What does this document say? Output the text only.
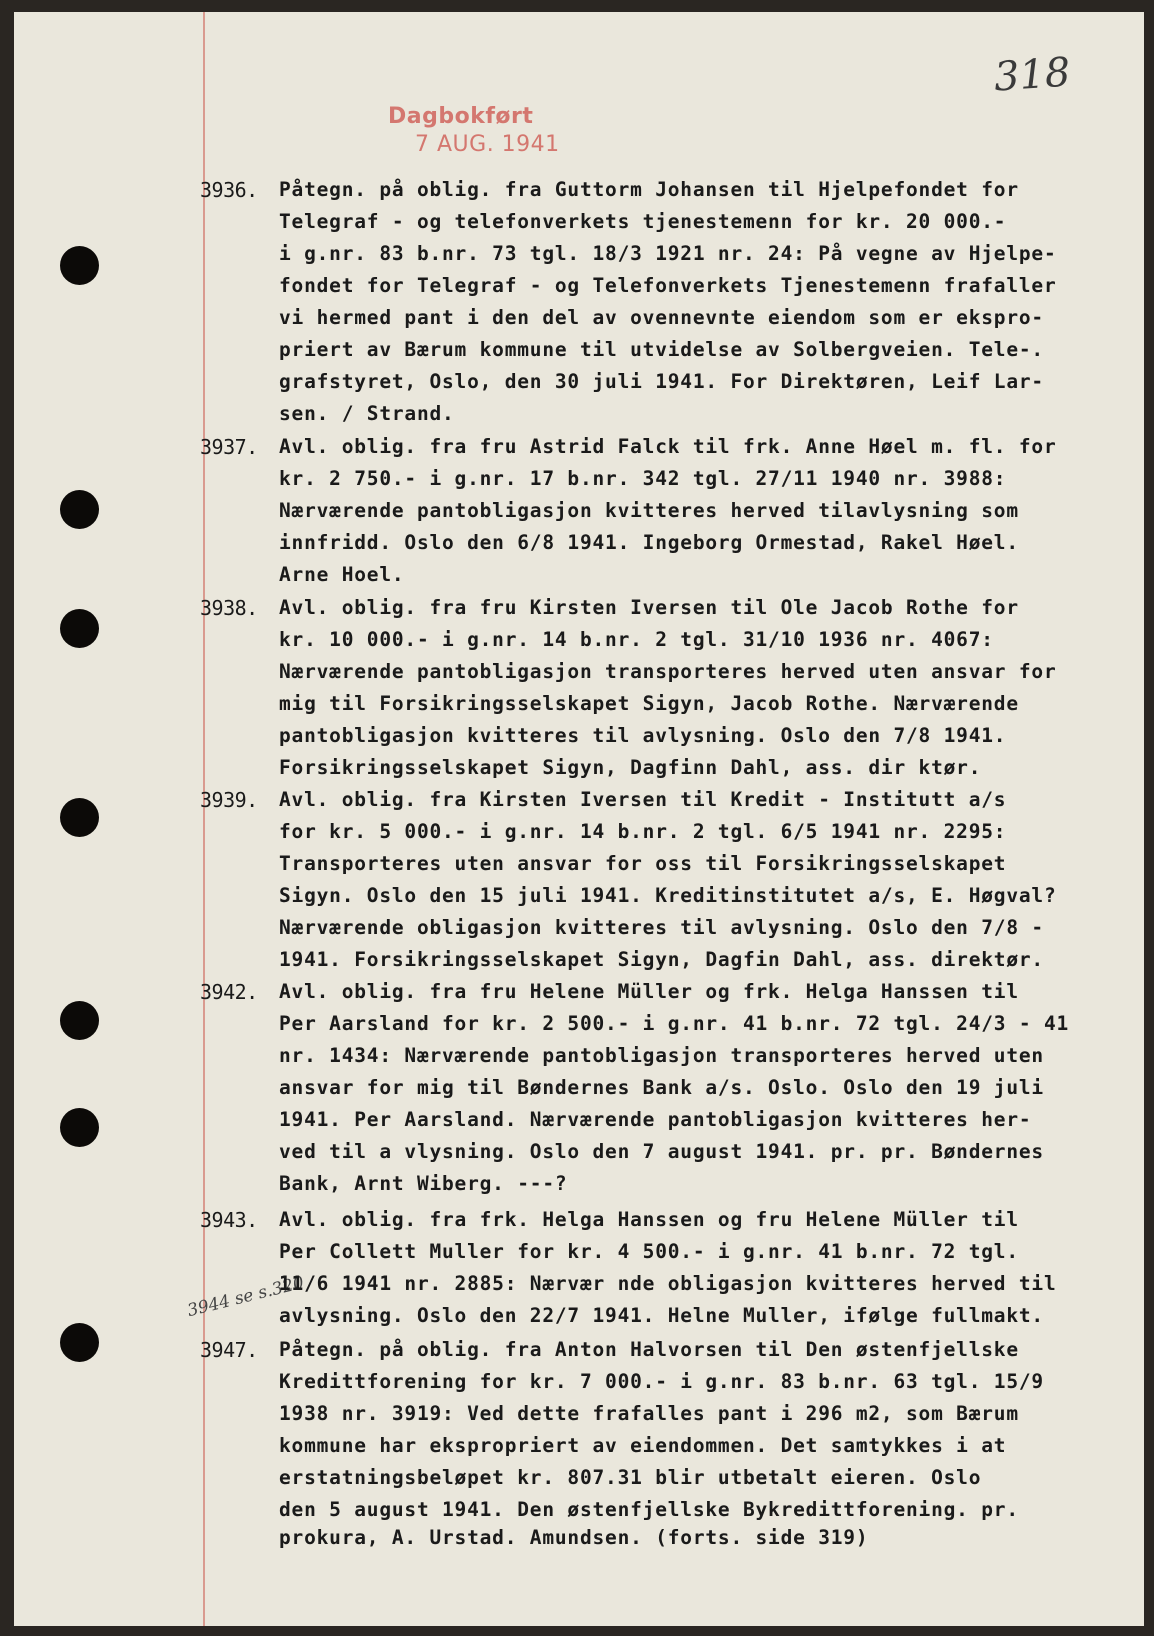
318
Dagbokført
7 AUG. 1941
3944 se s.320
3936. Påtegn. på oblig. fra Guttorm Johansen til Hjelpefondet for
Telegraf - og telefonverkets tjenestemenn for kr. 20 000.-
i g.nr. 83 b.nr. 73 tgl. 18/3 1921 nr. 24: På vegne av Hjelpe-
fondet for Telegraf - og Telefonverkets Tjenestemenn frafaller
vi hermed pant i den del av ovennevnte eiendom som er ekspro-
priert av Bærum kommune til utvidelse av Solbergveien. Tele-.
grafstyret, Oslo, den 30 juli 1941. For Direktøren, Leif Lar-
sen. / Strand.
3937. Avl. oblig. fra fru Astrid Falck til frk. Anne Høel m. fl. for
kr. 2 750.- i g.nr. 17 b.nr. 342 tgl. 27/11 1940 nr. 3988:
Nærværende pantobligasjon kvitteres herved tilavlysning som
innfridd. Oslo den 6/8 1941. Ingeborg Ormestad, Rakel Høel.
Arne Hoel.
3938. Avl. oblig. fra fru Kirsten Iversen til Ole Jacob Rothe for
kr. 10 000.- i g.nr. 14 b.nr. 2 tgl. 31/10 1936 nr. 4067:
Nærværende pantobligasjon transporteres herved uten ansvar for
mig til Forsikringsselskapet Sigyn, Jacob Rothe. Nærværende
pantobligasjon kvitteres til avlysning. Oslo den 7/8 1941.
Forsikringsselskapet Sigyn, Dagfinn Dahl, ass. dir ktør.
3939. Avl. oblig. fra Kirsten Iversen til Kredit - Institutt a/s
for kr. 5 000.- i g.nr. 14 b.nr. 2 tgl. 6/5 1941 nr. 2295:
Transporteres uten ansvar for oss til Forsikringsselskapet
Sigyn. Oslo den 15 juli 1941. Kreditinstitutet a/s, E. Høgval?
Nærværende obligasjon kvitteres til avlysning. Oslo den 7/8 -
1941. Forsikringsselskapet Sigyn, Dagfin Dahl, ass. direktør.
3942. Avl. oblig. fra fru Helene Müller og frk. Helga Hanssen til
Per Aarsland for kr. 2 500.- i g.nr. 41 b.nr. 72 tgl. 24/3 - 41
nr. 1434: Nærværende pantobligasjon transporteres herved uten
ansvar for mig til Bøndernes Bank a/s. Oslo. Oslo den 19 juli
1941. Per Aarsland. Nærværende pantobligasjon kvitteres her-
ved til a vlysning. Oslo den 7 august 1941. pr. pr. Bøndernes
Bank, Arnt Wiberg. ---?
3943. Avl. oblig. fra frk. Helga Hanssen og fru Helene Müller til
Per Collett Muller for kr. 4 500.- i g.nr. 41 b.nr. 72 tgl.
11/6 1941 nr. 2885: Nærvær nde obligasjon kvitteres herved til
avlysning. Oslo den 22/7 1941. Helne Muller, ifølge fullmakt.
3947. Påtegn. på oblig. fra Anton Halvorsen til Den østenfjellske
Kredittforening for kr. 7 000.- i g.nr. 83 b.nr. 63 tgl. 15/9
1938 nr. 3919: Ved dette frafalles pant i 296 m2, som Bærum
kommune har ekspropriert av eiendommen. Det samtykkes i at
erstatningsbeløpet kr. 807.31 blir utbetalt eieren. Oslo
den 5 august 1941. Den østenfjellske Bykredittforening. pr.
prokura, A. Urstad. Amundsen. (forts. side 319)
